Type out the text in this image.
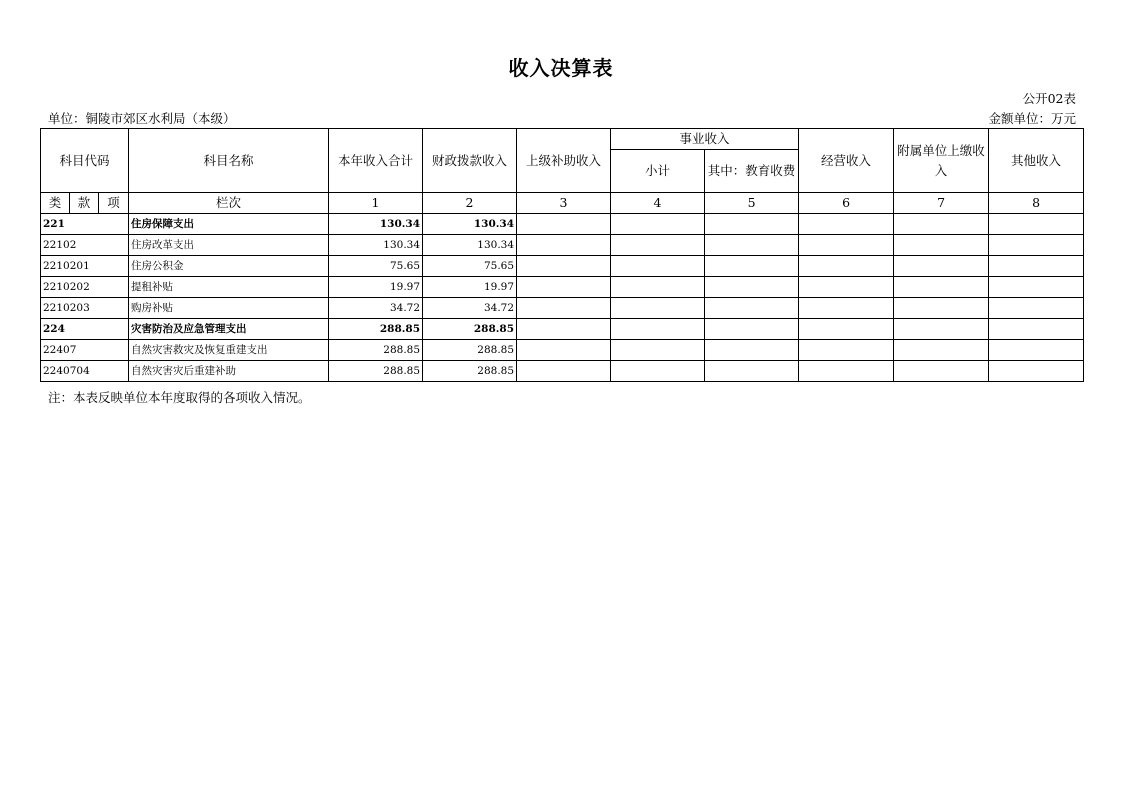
收入决算表
公开02表
单位：铜陵市郊区水利局（本级）	金额单位：万元
科目代码			科目名称	本年收入合计	财政拨款收入	上级补助收入	事业收入		经营收入	附属单位上缴收入	其他收入
							小计	其中：教育收费			
类	款	项	栏次	1	2	3	4	5	6	7	8
221			住房保障支出	130.34	130.34						
22102			住房改革支出	130.34	130.34						
2210201			住房公积金	75.65	75.65						
2210202			提租补贴	19.97	19.97						
2210203			购房补贴	34.72	34.72						
224			灾害防治及应急管理支出	288.85	288.85						
22407			自然灾害救灾及恢复重建支出	288.85	288.85						
2240704			自然灾害灾后重建补助	288.85	288.85						
注：本表反映单位本年度取得的各项收入情况。
